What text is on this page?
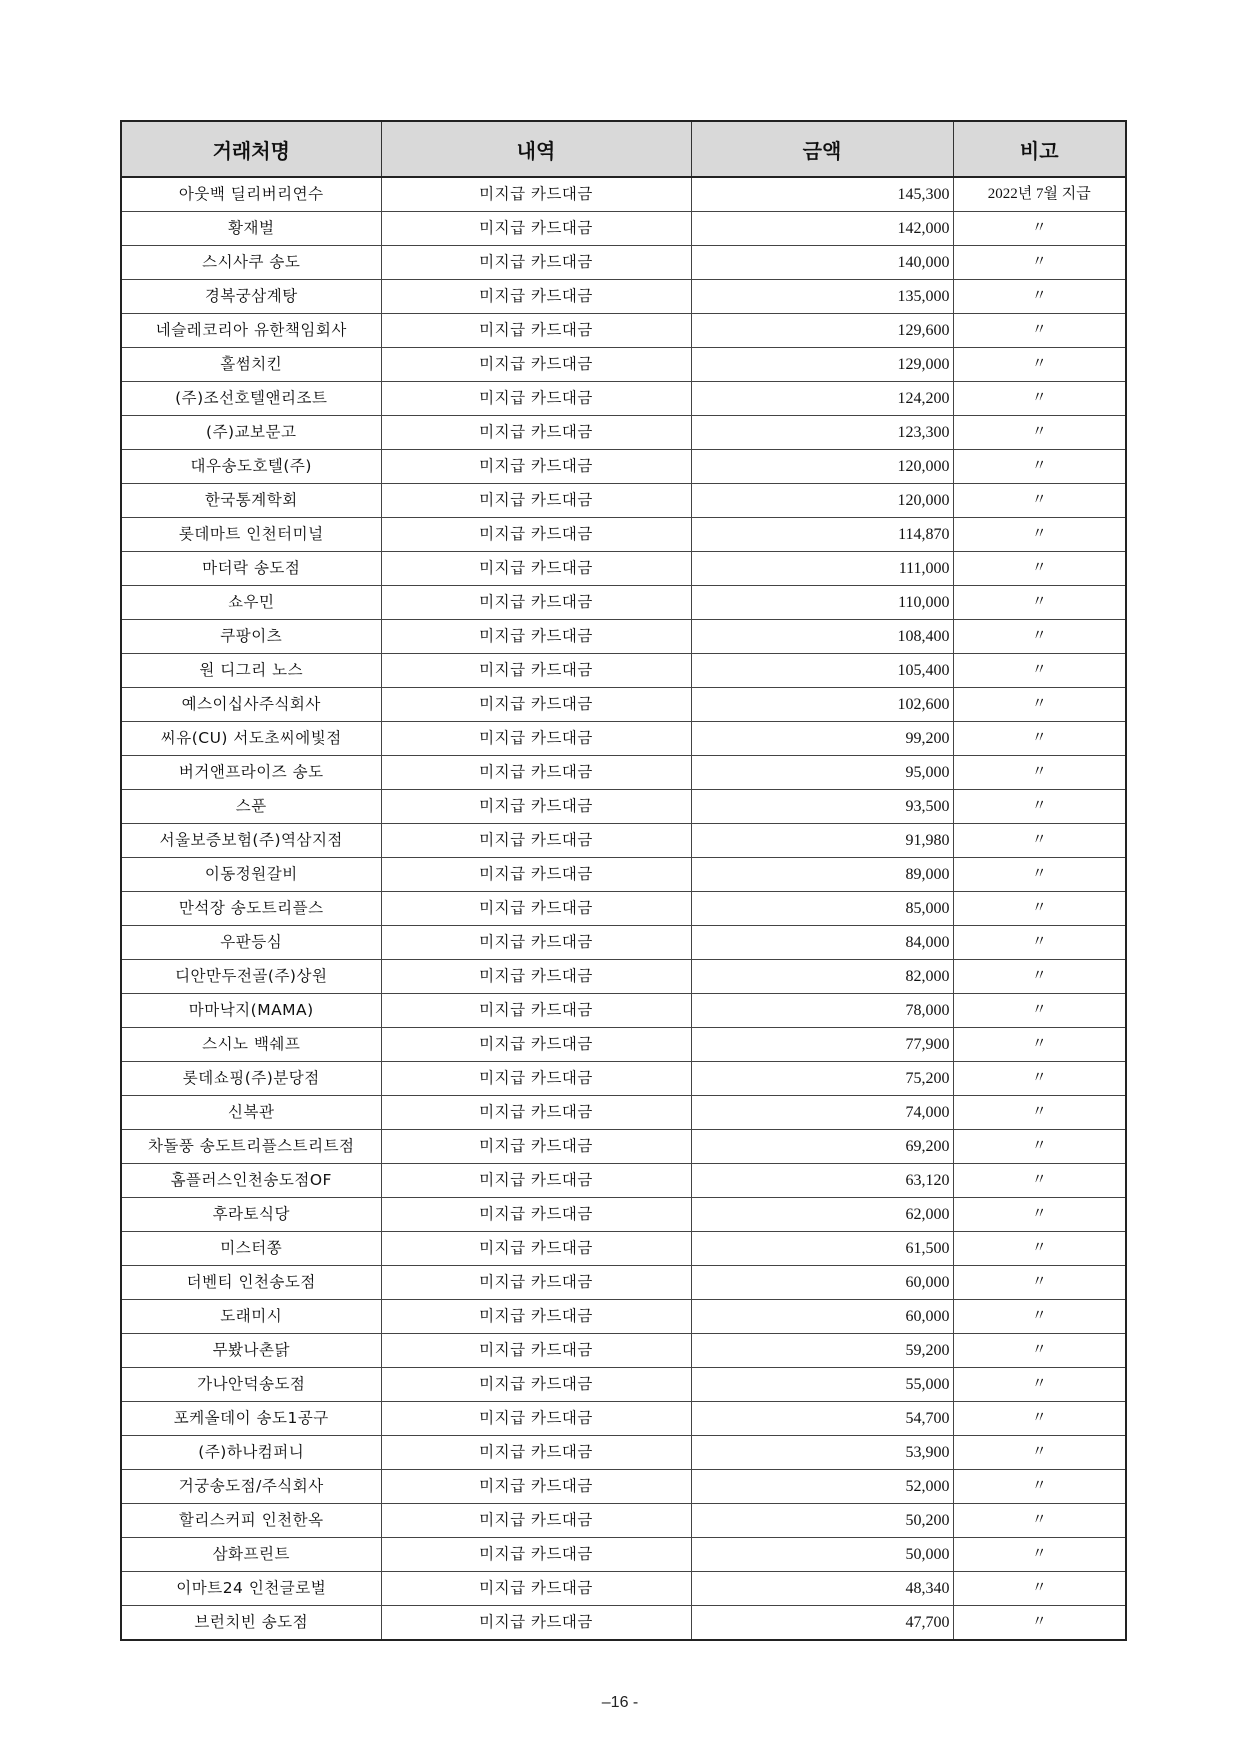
거래처명	내역	금액	비고
아웃백 딜리버리연수	미지급 카드대금	145,300	2022년 7월 지급
황재벌	미지급 카드대금	142,000	〃
스시사쿠 송도	미지급 카드대금	140,000	〃
경복궁삼계탕	미지급 카드대금	135,000	〃
네슬레코리아 유한책임회사	미지급 카드대금	129,600	〃
홀썸치킨	미지급 카드대금	129,000	〃
(주)조선호텔앤리조트	미지급 카드대금	124,200	〃
(주)교보문고	미지급 카드대금	123,300	〃
대우송도호텔(주)	미지급 카드대금	120,000	〃
한국통계학회	미지급 카드대금	120,000	〃
롯데마트 인천터미널	미지급 카드대금	114,870	〃
마더락 송도점	미지급 카드대금	111,000	〃
쇼우민	미지급 카드대금	110,000	〃
쿠팡이츠	미지급 카드대금	108,400	〃
원 디그리 노스	미지급 카드대금	105,400	〃
예스이십사주식회사	미지급 카드대금	102,600	〃
씨유(CU) 서도초씨에빛점	미지급 카드대금	99,200	〃
버거앤프라이즈 송도	미지급 카드대금	95,000	〃
스푼	미지급 카드대금	93,500	〃
서울보증보험(주)역삼지점	미지급 카드대금	91,980	〃
이동정원갈비	미지급 카드대금	89,000	〃
만석장 송도트리플스	미지급 카드대금	85,000	〃
우판등심	미지급 카드대금	84,000	〃
디안만두전골(주)상원	미지급 카드대금	82,000	〃
마마낙지(MAMA)	미지급 카드대금	78,000	〃
스시노 백쉐프	미지급 카드대금	77,900	〃
롯데쇼핑(주)분당점	미지급 카드대금	75,200	〃
신복관	미지급 카드대금	74,000	〃
차돌풍 송도트리플스트리트점	미지급 카드대금	69,200	〃
홈플러스인천송도점OF	미지급 카드대금	63,120	〃
후라토식당	미지급 카드대금	62,000	〃
미스터쫑	미지급 카드대금	61,500	〃
더벤티 인천송도점	미지급 카드대금	60,000	〃
도래미시	미지급 카드대금	60,000	〃
무봤나촌닭	미지급 카드대금	59,200	〃
가나안덕송도점	미지급 카드대금	55,000	〃
포케올데이 송도1공구	미지급 카드대금	54,700	〃
(주)하나컴퍼니	미지급 카드대금	53,900	〃
거궁송도점/주식회사	미지급 카드대금	52,000	〃
할리스커피 인천한옥	미지급 카드대금	50,200	〃
삼화프린트	미지급 카드대금	50,000	〃
이마트24 인천글로벌	미지급 카드대금	48,340	〃
브런치빈 송도점	미지급 카드대금	47,700	〃
–16 -
